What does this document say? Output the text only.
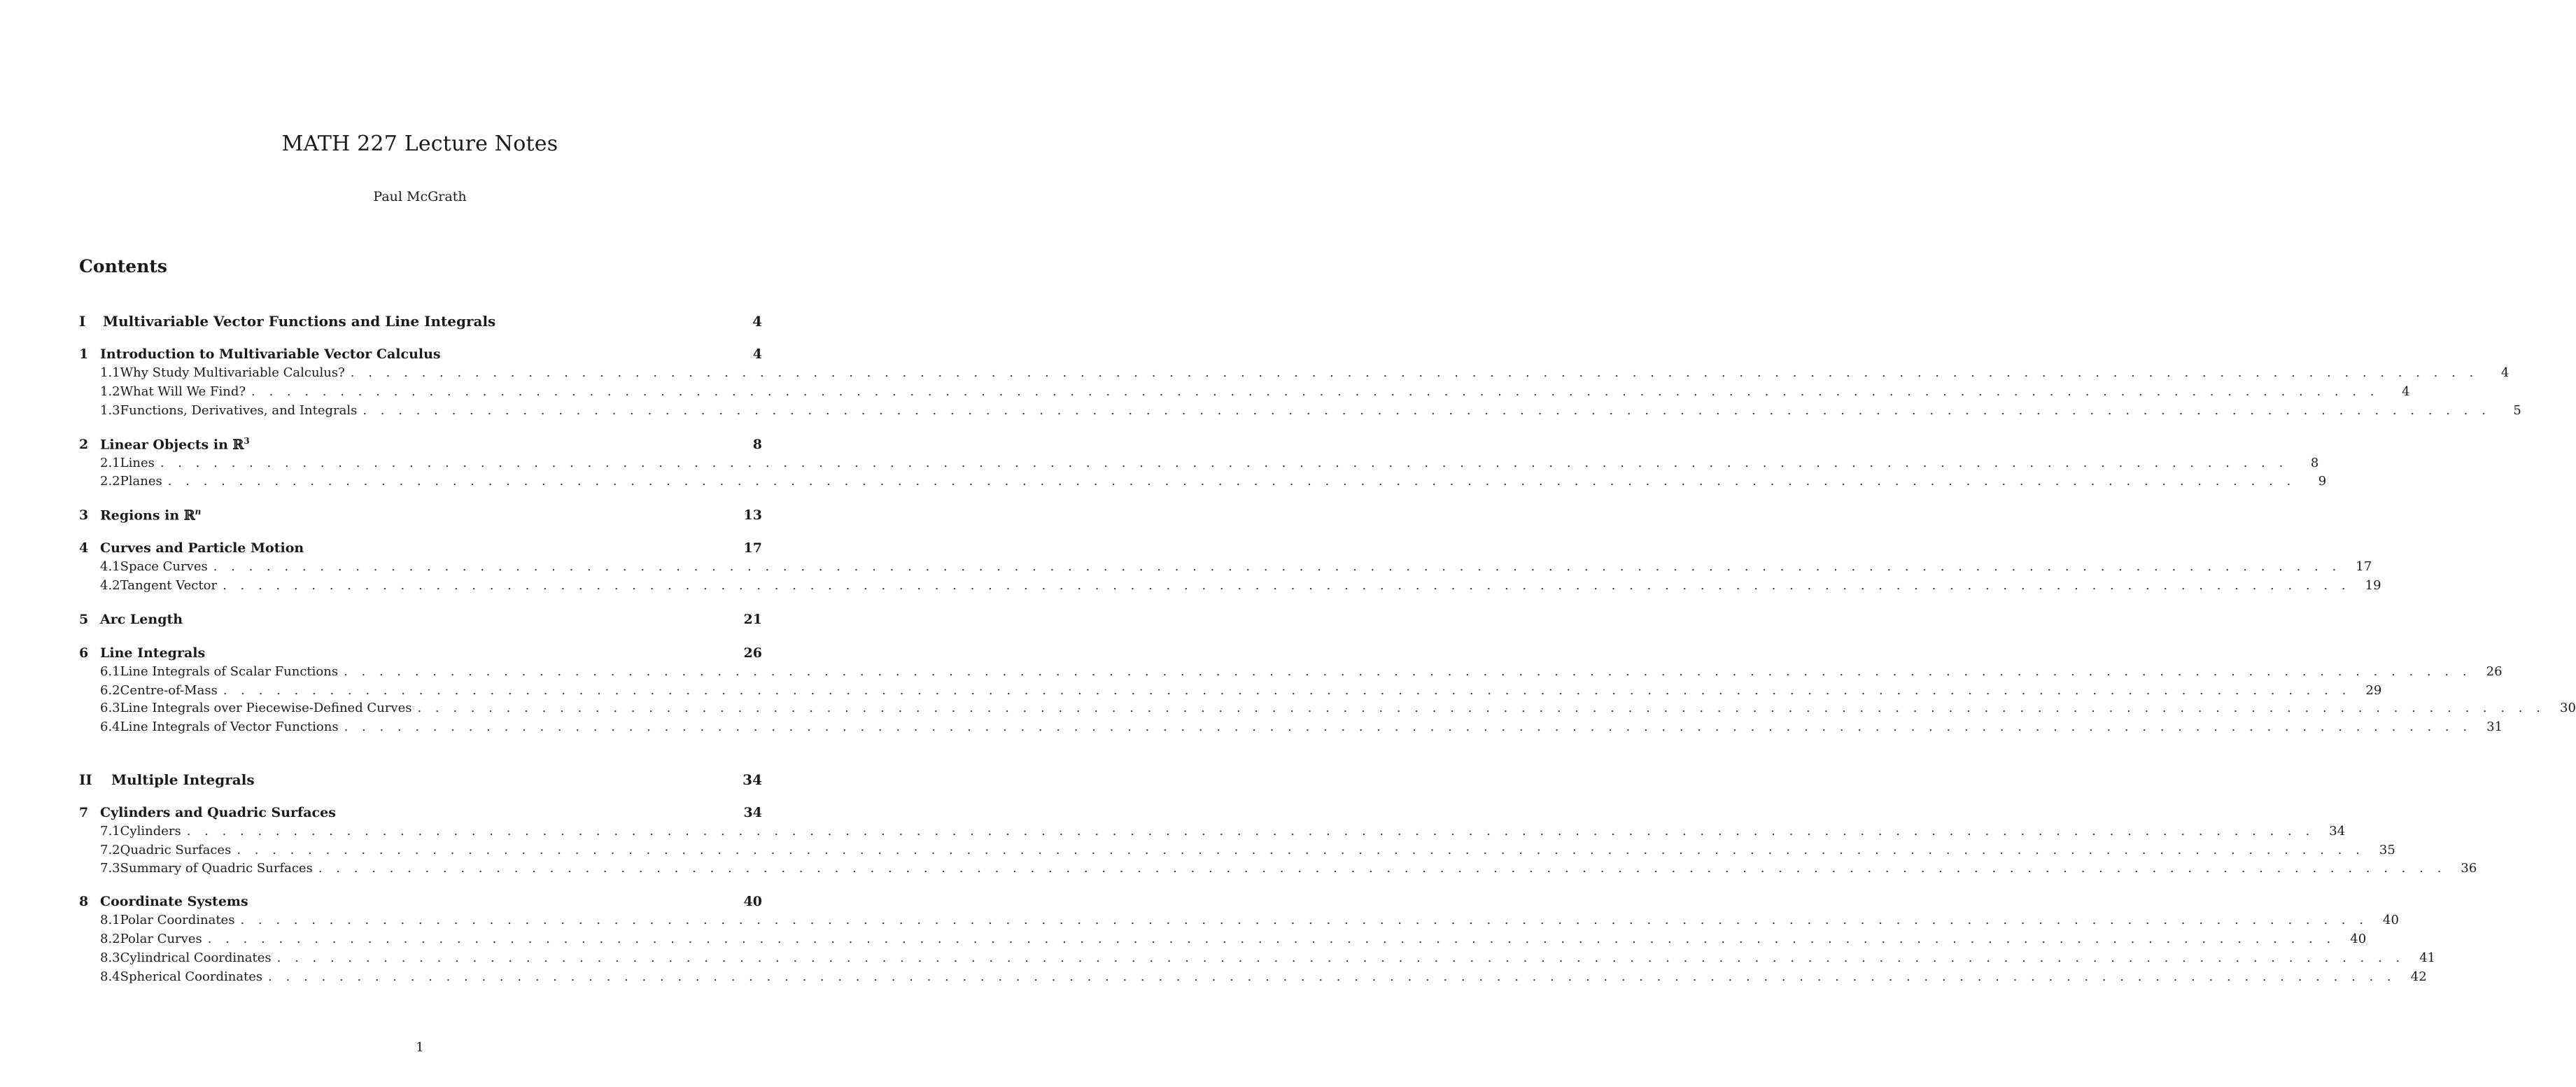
MATH 227 Lecture Notes
Paul McGrath
Contents
I	Multivariable Vector Functions and Line Integrals	4
1 Introduction to Multivariable Vector Calculus	4
1.1 Why Study Multivariable Calculus? . . . . . . . . . . . . . . . . . . . . . . . . . . . . . . . . . . . . . . . . . . . . . . . . . . . . . . . . . . . . . . . . . . . . . . . . . . . . . . . . . . . . . . . . . . . . . . . . . . . . . . . . . . . . . . . . . . . . . . . .	4
1.2 What Will We Find? . . . . . . . . . . . . . . . . . . . . . . . . . . . . . . . . . . . . . . . . . . . . . . . . . . . . . . . . . . . . . . . . . . . . . . . . . . . . . . . . . . . . . . . . . . . . . . . . . . . . . . . . . . . . . . . . . . . . . . . .	4
1.3 Functions, Derivatives, and Integrals . . . . . . . . . . . . . . . . . . . . . . . . . . . . . . . . . . . . . . . . . . . . . . . . . . . . . . . . . . . . . . . . . . . . . . . . . . . . . . . . . . . . . . . . . . . . . . . . . . . . . . . . . . . . . . . . . . . . . . . .	5
2 Linear Objects in ℝ$^3$	8
2.1 Lines . . . . . . . . . . . . . . . . . . . . . . . . . . . . . . . . . . . . . . . . . . . . . . . . . . . . . . . . . . . . . . . . . . . . . . . . . . . . . . . . . . . . . . . . . . . . . . . . . . . . . . . . . . . . . . . . . . . . . . . .	8
2.2 Planes . . . . . . . . . . . . . . . . . . . . . . . . . . . . . . . . . . . . . . . . . . . . . . . . . . . . . . . . . . . . . . . . . . . . . . . . . . . . . . . . . . . . . . . . . . . . . . . . . . . . . . . . . . . . . . . . . . . . . . . .	9
3 Regions in ℝ$^n$	13
4 Curves and Particle Motion	17
4.1 Space Curves . . . . . . . . . . . . . . . . . . . . . . . . . . . . . . . . . . . . . . . . . . . . . . . . . . . . . . . . . . . . . . . . . . . . . . . . . . . . . . . . . . . . . . . . . . . . . . . . . . . . . . . . . . . . . . . . . . . . . . . . 17
4.2 Tangent Vector . . . . . . . . . . . . . . . . . . . . . . . . . . . . . . . . . . . . . . . . . . . . . . . . . . . . . . . . . . . . . . . . . . . . . . . . . . . . . . . . . . . . . . . . . . . . . . . . . . . . . . . . . . . . . . . . . . . . . . . . 19
5 Arc Length	21
6 Line Integrals	26
6.1 Line Integrals of Scalar Functions . . . . . . . . . . . . . . . . . . . . . . . . . . . . . . . . . . . . . . . . . . . . . . . . . . . . . . . . . . . . . . . . . . . . . . . . . . . . . . . . . . . . . . . . . . . . . . . . . . . . . . . . . . . . . . . . . . . . . . . . 26
6.2 Centre-of-Mass . . . . . . . . . . . . . . . . . . . . . . . . . . . . . . . . . . . . . . . . . . . . . . . . . . . . . . . . . . . . . . . . . . . . . . . . . . . . . . . . . . . . . . . . . . . . . . . . . . . . . . . . . . . . . . . . . . . . . . . . 29
6.3 Line Integrals over Piecewise-Defined Curves . . . . . . . . . . . . . . . . . . . . . . . . . . . . . . . . . . . . . . . . . . . . . . . . . . . . . . . . . . . . . . . . . . . . . . . . . . . . . . . . . . . . . . . . . . . . . . . . . . . . . . . . . . . . . . . . . . . . . . . . 30
6.4 Line Integrals of Vector Functions . . . . . . . . . . . . . . . . . . . . . . . . . . . . . . . . . . . . . . . . . . . . . . . . . . . . . . . . . . . . . . . . . . . . . . . . . . . . . . . . . . . . . . . . . . . . . . . . . . . . . . . . . . . . . . . . . . . . . . . . 31
II	Multiple Integrals	34
7 Cylinders and Quadric Surfaces	34
7.1 Cylinders . . . . . . . . . . . . . . . . . . . . . . . . . . . . . . . . . . . . . . . . . . . . . . . . . . . . . . . . . . . . . . . . . . . . . . . . . . . . . . . . . . . . . . . . . . . . . . . . . . . . . . . . . . . . . . . . . . . . . . . . 34
7.2 Quadric Surfaces . . . . . . . . . . . . . . . . . . . . . . . . . . . . . . . . . . . . . . . . . . . . . . . . . . . . . . . . . . . . . . . . . . . . . . . . . . . . . . . . . . . . . . . . . . . . . . . . . . . . . . . . . . . . . . . . . . . . . . . . 35
7.3 Summary of Quadric Surfaces . . . . . . . . . . . . . . . . . . . . . . . . . . . . . . . . . . . . . . . . . . . . . . . . . . . . . . . . . . . . . . . . . . . . . . . . . . . . . . . . . . . . . . . . . . . . . . . . . . . . . . . . . . . . . . . . . . . . . . . . 36
8 Coordinate Systems	40
8.1 Polar Coordinates . . . . . . . . . . . . . . . . . . . . . . . . . . . . . . . . . . . . . . . . . . . . . . . . . . . . . . . . . . . . . . . . . . . . . . . . . . . . . . . . . . . . . . . . . . . . . . . . . . . . . . . . . . . . . . . . . . . . . . . . 40
8.2 Polar Curves . . . . . . . . . . . . . . . . . . . . . . . . . . . . . . . . . . . . . . . . . . . . . . . . . . . . . . . . . . . . . . . . . . . . . . . . . . . . . . . . . . . . . . . . . . . . . . . . . . . . . . . . . . . . . . . . . . . . . . . . 40
8.3 Cylindrical Coordinates . . . . . . . . . . . . . . . . . . . . . . . . . . . . . . . . . . . . . . . . . . . . . . . . . . . . . . . . . . . . . . . . . . . . . . . . . . . . . . . . . . . . . . . . . . . . . . . . . . . . . . . . . . . . . . . . . . . . . . . . 41
8.4 Spherical Coordinates . . . . . . . . . . . . . . . . . . . . . . . . . . . . . . . . . . . . . . . . . . . . . . . . . . . . . . . . . . . . . . . . . . . . . . . . . . . . . . . . . . . . . . . . . . . . . . . . . . . . . . . . . . . . . . . . . . . . . . . . 42
1
